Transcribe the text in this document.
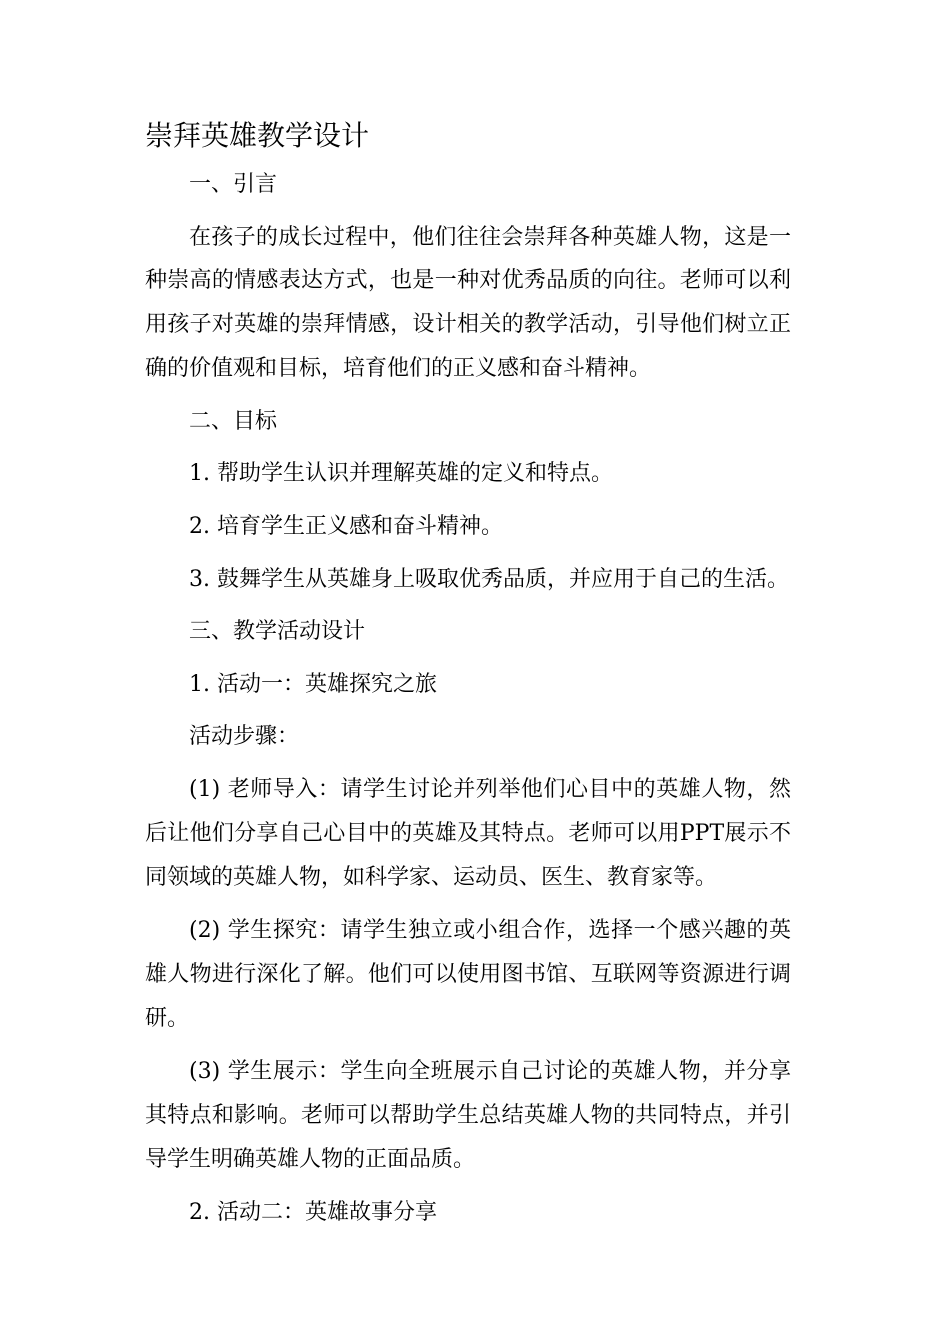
崇拜英雄教学设计
一、引言
在孩子的成长过程中，他们往往会崇拜各种英雄人物，这是一
种崇高的情感表达方式，也是一种对优秀品质的向往。老师可以利
用孩子对英雄的崇拜情感，设计相关的教学活动，引导他们树立正
确的价值观和目标，培育他们的正义感和奋斗精神。
二、目标
1. 帮助学生认识并理解英雄的定义和特点。
2. 培育学生正义感和奋斗精神。
3. 鼓舞学生从英雄身上吸取优秀品质，并应用于自己的生活。
三、教学活动设计
1. 活动一：英雄探究之旅
活动步骤：
(1) 老师导入：请学生讨论并列举他们心目中的英雄人物，然
后让他们分享自己心目中的英雄及其特点。老师可以用PPT展示不
同领域的英雄人物，如科学家、运动员、医生、教育家等。
(2) 学生探究：请学生独立或小组合作，选择一个感兴趣的英
雄人物进行深化了解。他们可以使用图书馆、互联网等资源进行调
研。
(3) 学生展示：学生向全班展示自己讨论的英雄人物，并分享
其特点和影响。老师可以帮助学生总结英雄人物的共同特点，并引
导学生明确英雄人物的正面品质。
2. 活动二：英雄故事分享
